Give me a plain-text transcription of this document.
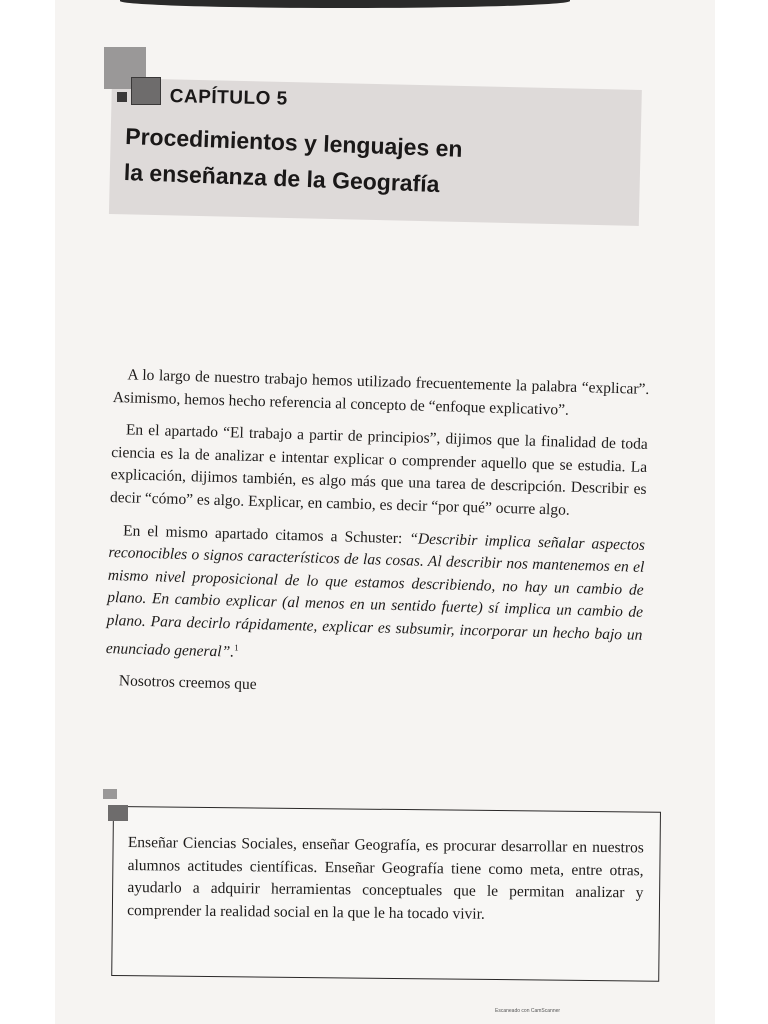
CAPÍTULO 5
Procedimientos y lenguajes en
la enseñanza de la Geografía

A lo largo de nuestro trabajo hemos utilizado frecuentemente la palabra “explicar”. Asimismo, hemos hecho referencia al concepto de “enfoque explicativo”.

En el apartado “El trabajo a partir de principios”, dijimos que la finalidad de toda ciencia es la de analizar e intentar explicar o comprender aquello que se estudia. La explicación, dijimos también, es algo más que una tarea de descripción. Describir es decir “cómo” es algo. Explicar, en cambio, es decir “por qué” ocurre algo.

En el mismo apartado citamos a Schuster: “Describir implica señalar aspectos reconocibles o signos característicos de las cosas. Al describir nos mantenemos en el mismo nivel proposicional de lo que estamos describiendo, no hay un cambio de plano. En cambio explicar (al menos en un sentido fuerte) sí implica un cambio de plano. Para decirlo rápidamente, explicar es subsumir, incorporar un hecho bajo un enunciado general”.$^1$

Nosotros creemos que

Enseñar Ciencias Sociales, enseñar Geografía, es procurar desarrollar en nuestros alumnos actitudes científicas. Enseñar Geografía tiene como meta, entre otras, ayudarlo a adquirir herramientas conceptuales que le permitan analizar y comprender la realidad social en la que le ha tocado vivir.
Escaneado con CamScanner
